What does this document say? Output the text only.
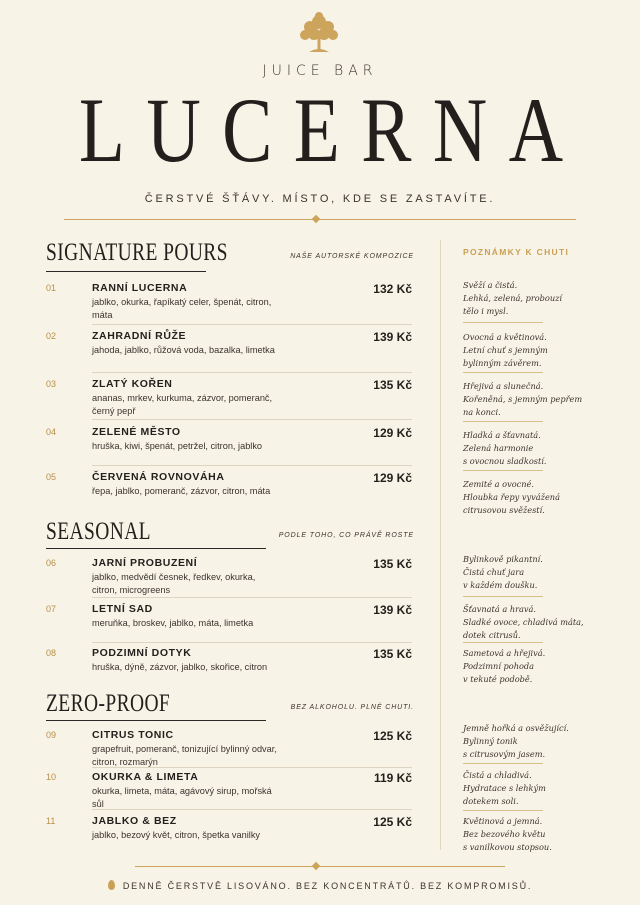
JUICE BAR
LUCERNA
ČERSTVÉ ŠŤÁVY. MÍSTO, KDE SE ZASTAVÍTE.
SIGNATURE POURS	NAŠE AUTORSKÉ KOMPOZICE
01	RANNÍ LUCERNA	132 Kč
jablko, okurka, řapíkatý celer, špenát, citron, máta
02	ZAHRADNÍ RŮŽE	139 Kč
jahoda, jablko, růžová voda, bazalka, limetka
03	ZLATÝ KOŘEN	135 Kč
ananas, mrkev, kurkuma, zázvor, pomeranč, černý pepř
04	ZELENÉ MĚSTO	129 Kč
hruška, kiwi, špenát, petržel, citron, jablko
05	ČERVENÁ ROVNOVÁHA	129 Kč
řepa, jablko, pomeranč, zázvor, citron, máta
SEASONAL	PODLE TOHO, CO PRÁVĚ ROSTE
06	JARNÍ PROBUZENÍ	135 Kč
jablko, medvědí česnek, ředkev, okurka, citron, microgreens
07	LETNÍ SAD	139 Kč
meruňka, broskev, jablko, máta, limetka
08	PODZIMNÍ DOTYK	135 Kč
hruška, dýně, zázvor, jablko, skořice, citron
ZERO-PROOF	BEZ ALKOHOLU. PLNÉ CHUTI.
09	CITRUS TONIC	125 Kč
grapefruit, pomeranč, tonizující bylinný odvar, citron, rozmarýn
10	OKURKA & LIMETA	119 Kč
okurka, limeta, máta, agávový sirup, mořská sůl
11	JABLKO & BEZ	125 Kč
jablko, bezový květ, citron, špetka vanilky
POZNÁMKY K CHUTI
Svěží a čistá.
Lehká, zelená, probouzí
tělo i mysl.
Ovocná a květinová.
Letní chuť s jemným
bylinným závěrem.
Hřejivá a slunečná.
Kořeněná, s jemným pepřem
na konci.
Hladká a šťavnatá.
Zelená harmonie
s ovocnou sladkostí.
Zemité a ovocné.
Hloubka řepy vyvážená
citrusovou svěžestí.
Bylinkově pikantní.
Čistá chuť jara
v každém doušku.
Šťavnatá a hravá.
Sladké ovoce, chladivá máta,
dotek citrusů.
Sametová a hřejivá.
Podzimní pohoda
v tekuté podobě.
Jemně hořká a osvěžující.
Bylinný tonik
s citrusovým jasem.
Čistá a chladivá.
Hydratace s lehkým
dotekem soli.
Květinová a jemná.
Bez bezového květu
s vanilkovou stopsou.
DENNĚ ČERSTVĚ LISOVÁNO. BEZ KONCENTRÁTŮ. BEZ KOMPROMISŮ.
